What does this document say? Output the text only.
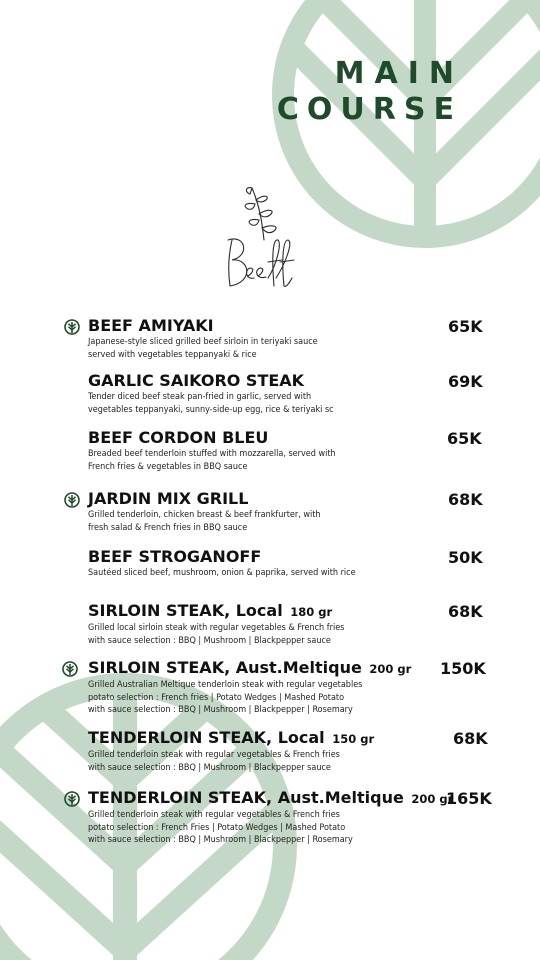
MAIN
COURSE
Beef
BEEF AMIYAKI
Japanese-style sliced grilled beef sirloin in teriyaki sauce
served with vegetables teppanyaki & rice
65K
GARLIC SAIKORO STEAK
Tender diced beef steak pan-fried in garlic, served with
vegetables teppanyaki, sunny-side-up egg, rice & teriyaki sc
69K
BEEF CORDON BLEU
Breaded beef tenderloin stuffed with mozzarella, served with
French fries & vegetables in BBQ sauce
65K
JARDIN MIX GRILL
Grilled tenderloin, chicken breast & beef frankfurter, with
fresh salad & French fries in BBQ sauce
68K
BEEF STROGANOFF
Sautéed sliced beef, mushroom, onion & paprika, served with rice
50K
SIRLOIN STEAK, Local 180 gr
Grilled local sirloin steak with regular vegetables & French fries
with sauce selection : BBQ | Mushroom | Blackpepper sauce
68K
SIRLOIN STEAK, Aust.Meltique 200 gr
Grilled Australian Meltique tenderloin steak with regular vegetables
potato selection : French fries | Potato Wedges | Mashed Potato
with sauce selection : BBQ | Mushroom | Blackpepper | Rosemary
150K
TENDERLOIN STEAK, Local 150 gr
Grilled tenderloin steak with regular vegetables & French fries
with sauce selection : BBQ | Mushroom | Blackpepper sauce
68K
TENDERLOIN STEAK, Aust.Meltique 200 gr
Grilled tenderloin steak with regular vegetables & French fries
potato selection : French Fries | Potato Wedges | Mashed Potato
with sauce selection : BBQ | Mushroom | Blackpepper | Rosemary
165K
